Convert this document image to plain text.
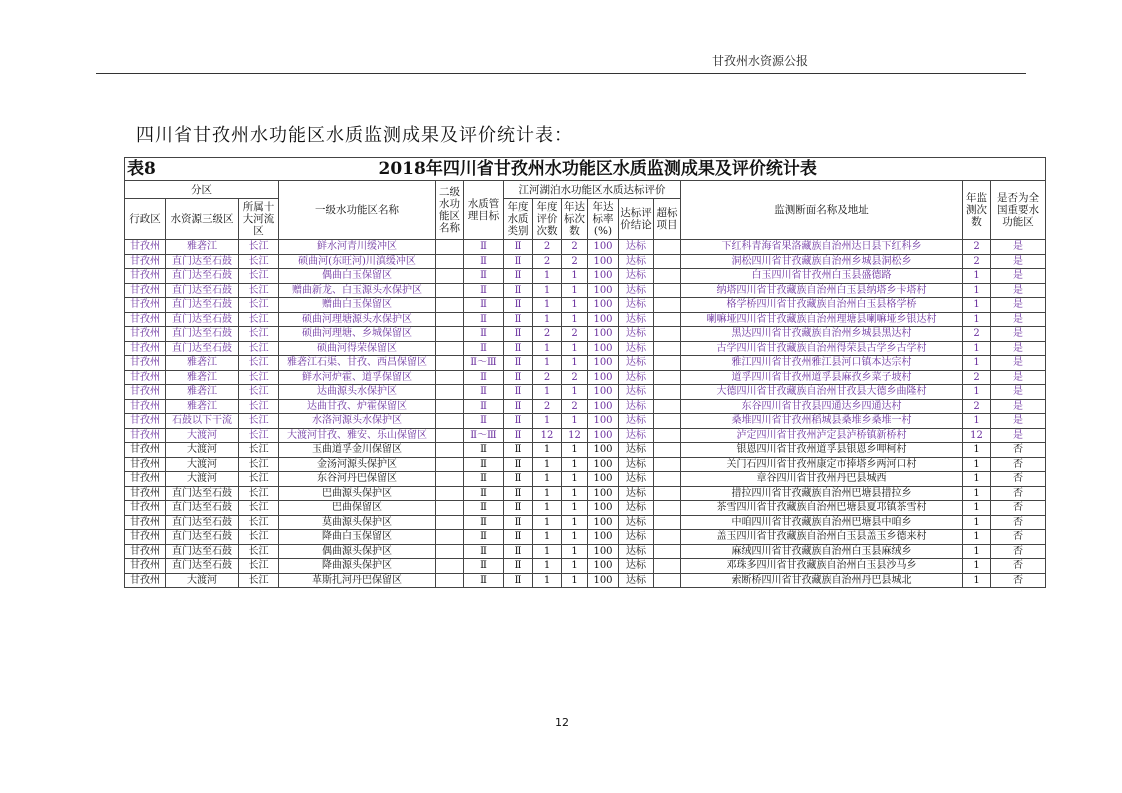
甘孜州水资源公报
四川省甘孜州水功能区水质监测成果及评价统计表：
表8	2018年四川省甘孜州水功能区水质监测成果及评价统计表													
分区			一级水功能区名称	二级水功能区名称	水质管理目标	江河湖泊水功能区水质达标评价						监测断面名称及地址	年监测次数	是否为全国重要水功能区
行政区	水资源三级区	所属十大河流区				年度水质类别	年度评价次数	年达标次数	年达标率(%)	达标评价结论	超标项目			
甘孜州	雅砻江	长江	鲜水河青川缓冲区		Ⅱ	Ⅱ	2	2	100	达标		下红科青海省果洛藏族自治州达日县下红科乡	2	是
甘孜州	直门达至石鼓	长江	硕曲河(东旺河)川滇缓冲区		Ⅱ	Ⅱ	2	2	100	达标		洞松四川省甘孜藏族自治州乡城县洞松乡	2	是
甘孜州	直门达至石鼓	长江	偶曲白玉保留区		Ⅱ	Ⅱ	1	1	100	达标		白玉四川省甘孜州白玉县盛德路	1	是
甘孜州	直门达至石鼓	长江	赠曲新龙、白玉源头水保护区		Ⅱ	Ⅱ	1	1	100	达标		纳塔四川省甘孜藏族自治州白玉县纳塔乡卡塔村	1	是
甘孜州	直门达至石鼓	长江	赠曲白玉保留区		Ⅱ	Ⅱ	1	1	100	达标		格学桥四川省甘孜藏族自治州白玉县格学桥	1	是
甘孜州	直门达至石鼓	长江	硕曲河理塘源头水保护区		Ⅱ	Ⅱ	1	1	100	达标		喇嘛垭四川省甘孜藏族自治州理塘县喇嘛垭乡银达村	1	是
甘孜州	直门达至石鼓	长江	硕曲河理塘、乡城保留区		Ⅱ	Ⅱ	2	2	100	达标		黑达四川省甘孜藏族自治州乡城县黑达村	2	是
甘孜州	直门达至石鼓	长江	硕曲河得荣保留区		Ⅱ	Ⅱ	1	1	100	达标		古学四川省甘孜藏族自治州得荣县古学乡古学村	1	是
甘孜州	雅砻江	长江	雅砻江石渠、甘孜、西昌保留区		Ⅱ～Ⅲ	Ⅱ	1	1	100	达标		雅江四川省甘孜州雅江县河口镇本达宗村	1	是
甘孜州	雅砻江	长江	鲜水河炉霍、道孚保留区		Ⅱ	Ⅱ	2	2	100	达标		道孚四川省甘孜州道孚县麻孜乡菜子坡村	2	是
甘孜州	雅砻江	长江	达曲源头水保护区		Ⅱ	Ⅱ	1	1	100	达标		大德四川省甘孜藏族自治州甘孜县大德乡曲隆村	1	是
甘孜州	雅砻江	长江	达曲甘孜、炉霍保留区		Ⅱ	Ⅱ	2	2	100	达标		东谷四川省甘孜县四通达乡四通达村	2	是
甘孜州	石鼓以下干流	长江	水洛河源头水保护区		Ⅱ	Ⅱ	1	1	100	达标		桑堆四川省甘孜州稻城县桑堆乡桑堆一村	1	是
甘孜州	大渡河	长江	大渡河甘孜、雅安、乐山保留区		Ⅱ～Ⅲ	Ⅱ	12	12	100	达标		泸定四川省甘孜州泸定县泸桥镇新桥村	12	是
甘孜州	大渡河	长江	玉曲道孚金川保留区		Ⅱ	Ⅱ	1	1	100	达标		银恩四川省甘孜州道孚县银恩乡呷柯村	1	否
甘孜州	大渡河	长江	金汤河源头保护区		Ⅱ	Ⅱ	1	1	100	达标		关门石四川省甘孜州康定市捧塔乡两河口村	1	否
甘孜州	大渡河	长江	东谷河丹巴保留区		Ⅱ	Ⅱ	1	1	100	达标		章谷四川省甘孜州丹巴县城西	1	否
甘孜州	直门达至石鼓	长江	巴曲源头保护区		Ⅱ	Ⅱ	1	1	100	达标		措拉四川省甘孜藏族自治州巴塘县措拉乡	1	否
甘孜州	直门达至石鼓	长江	巴曲保留区		Ⅱ	Ⅱ	1	1	100	达标		茶雪四川省甘孜藏族自治州巴塘县夏邛镇茶雪村	1	否
甘孜州	直门达至石鼓	长江	莫曲源头保护区		Ⅱ	Ⅱ	1	1	100	达标		中咱四川省甘孜藏族自治州巴塘县中咱乡	1	否
甘孜州	直门达至石鼓	长江	降曲白玉保留区		Ⅱ	Ⅱ	1	1	100	达标		盖玉四川省甘孜藏族自治州白玉县盖玉乡德来村	1	否
甘孜州	直门达至石鼓	长江	偶曲源头保护区		Ⅱ	Ⅱ	1	1	100	达标		麻绒四川省甘孜藏族自治州白玉县麻绒乡	1	否
甘孜州	直门达至石鼓	长江	降曲源头保护区		Ⅱ	Ⅱ	1	1	100	达标		邓珠多四川省甘孜藏族自治州白玉县沙马乡	1	否
甘孜州	大渡河	长江	革斯扎河丹巴保留区		Ⅱ	Ⅱ	1	1	100	达标		索断桥四川省甘孜藏族自治州丹巴县城北	1	否
12
